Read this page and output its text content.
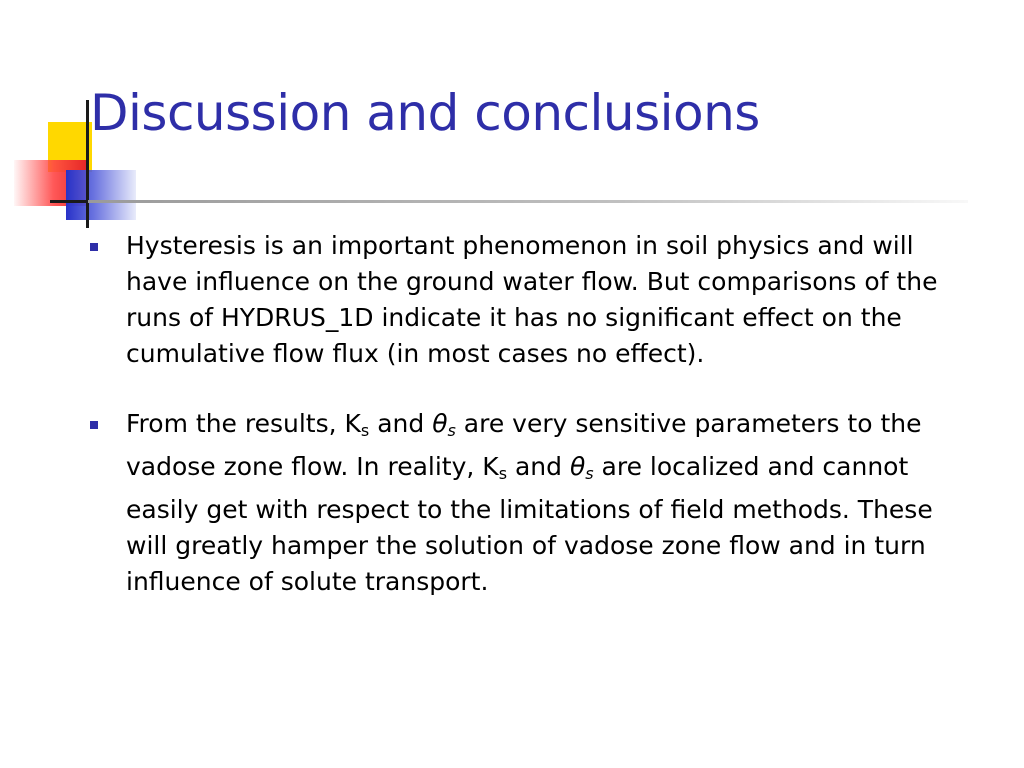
Discussion and conclusions
Hysteresis is an important phenomenon in soil physics and will have influence on the ground water flow. But comparisons of the runs of HYDRUS_1D indicate it has no significant effect on the cumulative flow flux (in most cases no effect).
From the results, $K_s$ and $\theta_s$ are very sensitive parameters to the vadose zone flow. In reality, $K_s$ and $\theta_s$ are localized and cannot easily get with respect to the limitations of field methods. These will greatly hamper the solution of vadose zone flow and in turn influence of solute transport.
